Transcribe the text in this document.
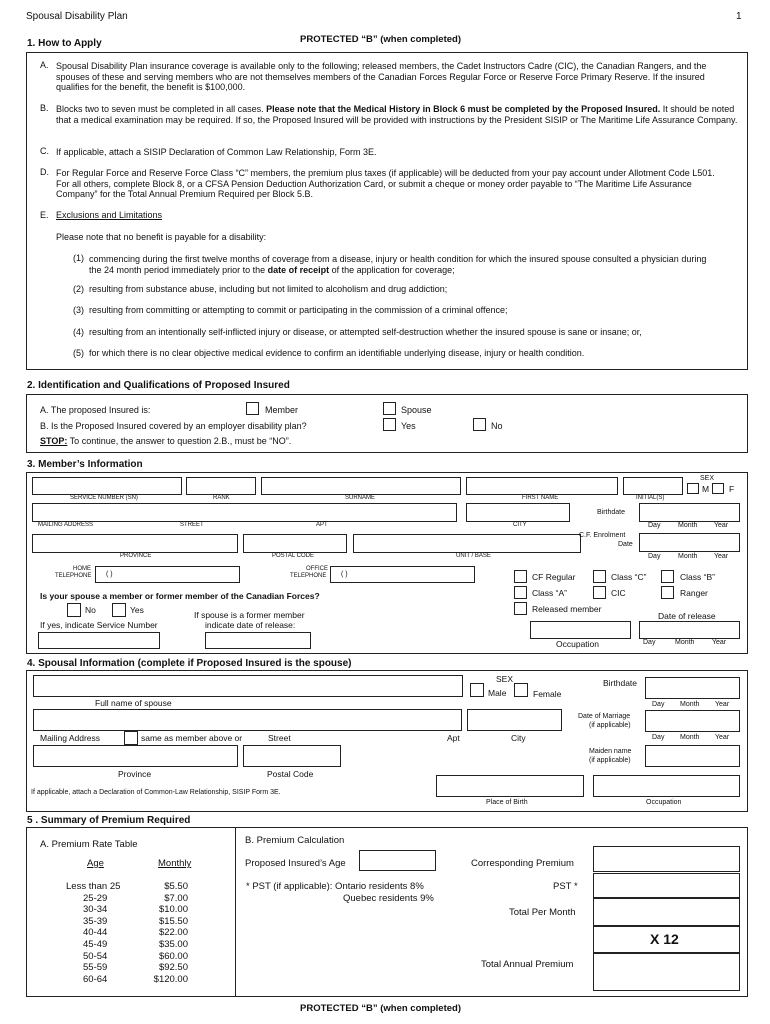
Spousal Disability Plan	1
PROTECTED “B” (when completed)
1. How to Apply
A. Spousal Disability Plan insurance coverage is available only to the following; released members, the Cadet Instructors Cadre (CIC), the Canadian Rangers, and the spouses of these and serving members who are not themselves members of the Canadian Forces Regular Force or Reserve Force Primary Reserve. If the insured qualifies for the benefit, the benefit is $100,000.
B. Blocks two to seven must be completed in all cases. Please note that the Medical History in Block 6 must be completed by the Proposed Insured. It should be noted that a medical examination may be required. If so, the Proposed Insured will be provided with instructions by the President SISIP or The Maritime Life Assurance Company.
C. If applicable, attach a SISIP Declaration of Common Law Relationship, Form 3E.
D. For Regular Force and Reserve Force Class “C” members, the premium plus taxes (if applicable) will be deducted from your pay account under Allotment Code L501. For all others, complete Block 8, or a CFSA Pension Deduction Authorization Card, or submit a cheque or money order payable to “The Maritime Life Assurance Company” for the Total Annual Premium Required per Block 5.B.
E. Exclusions and Limitations
Please note that no benefit is payable for a disability:
(1) commencing during the first twelve months of coverage from a disease, injury or health condition for which the insured spouse consulted a physician during the 24 month period immediately prior to the date of receipt of the application for coverage;
(2) resulting from substance abuse, including but not limited to alcoholism and drug addiction;
(3) resulting from committing or attempting to commit or participating in the commission of a criminal offence;
(4) resulting from an intentionally self-inflicted injury or disease, or attempted self-destruction whether the insured spouse is sane or insane; or,
(5) for which there is no clear objective medical evidence to confirm an identifiable underlying disease, injury or health condition.
2. Identification and Qualifications of Proposed Insured
A. The proposed Insured is:	Member	Spouse
B. Is the Proposed Insured covered by an employer disability plan?	Yes	No
STOP: To continue, the answer to question 2.B., must be “NO”.
3. Member’s Information
SEX
M F
SERVICE NUMBER (SN)	RANK	SURNAME	FIRST NAME	INITIAL(S)
Birthdate
MAILING ADDRESS	STREET	APT	CITY	Day	Month Year
C.F. Enrolment
Date
PROVINCE	POSTAL CODE	UNIT / BASE	Day	Month Year
HOME
TELEPHONE ( )
OFFICE
TELEPHONE ( )	CF Regular	Class “C”	Class “B”
Class “A”	CIC	Ranger
Released member
Is your spouse a member or former member of the Canadian Forces?
No	Yes	If spouse is a former member
indicate date of release:
If yes, indicate Service Number
Date of release
Occupation	Day	Month	Year
4. Spousal Information (complete if Proposed Insured is the spouse)
SEX
Male	Female
Birthdate
Full name of spouse	Day Month Year
Date of Marriage
(if applicable)
Mailing Address	same as member above or	Street	Apt	City	Day Month Year
Maiden name
(if applicable)
Province	Postal Code
If applicable, attach a Declaration of Common-Law Relationship, SISIP Form 3E.
Place of Birth	Occupation
5 . Summary of Premium Required
A. Premium Rate Table
Age	Monthly
Less than 25	$5.50
25-29	$7.00
30-34	$10.00
35-39	$15.50
40-44	$22.00
45-49	$35.00
50-54	$60.00
55-59	$92.50
60-64	$120.00
B. Premium Calculation
Proposed Insured’s Age	Corresponding Premium
* PST (if applicable): Ontario residents 8%
Quebec residents 9%
PST *
Total Per Month
X 12
Total Annual Premium
PROTECTED “B” (when completed)
